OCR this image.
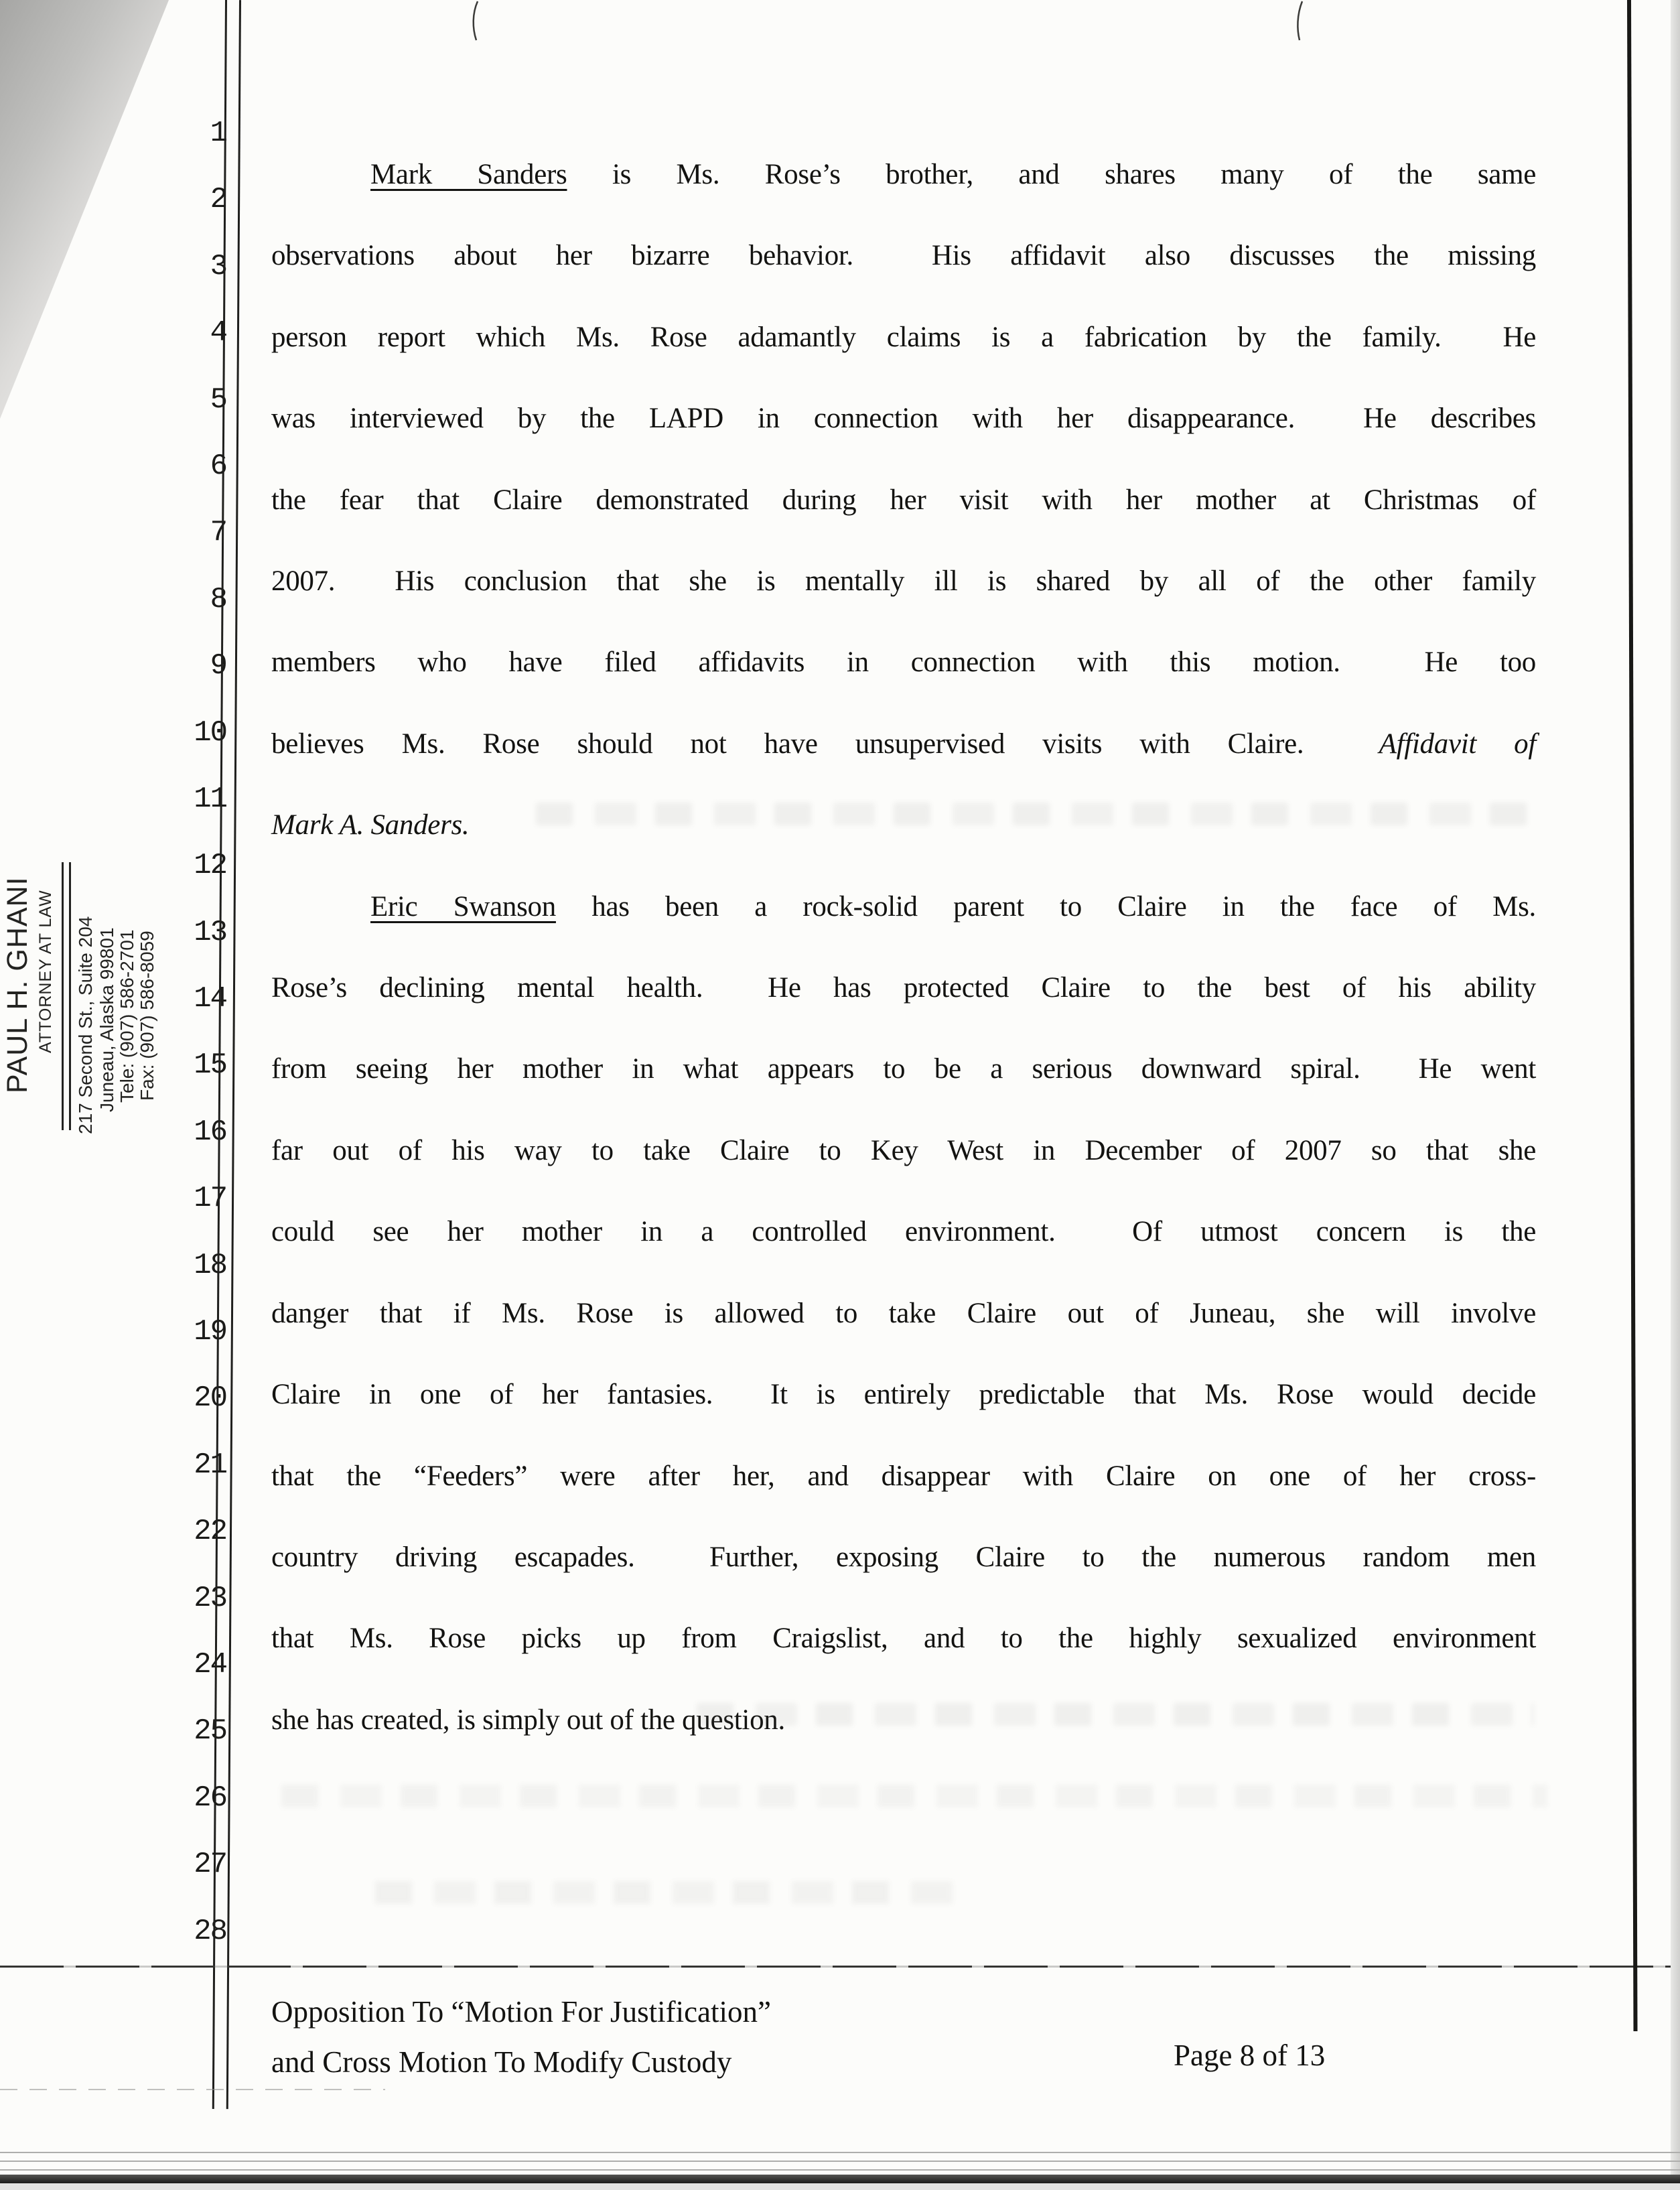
PAUL H. GHANI ATTORNEY AT LAW 217 Second St., Suite 204 Juneau, Alaska 99801 Tele: (907) 586-2701 Fax: (907) 586-8059
1
2
3
4
5
6
7
8
9
10
11
12
13
14
15
16
17
18
19
20
21
22
23
24
25
26
27
28
Mark Sanders is Ms. Rose’s brother, and shares many of the same
observations about her bizarre behavior.  His affidavit also discusses the missing
person report which Ms. Rose adamantly claims is a fabrication by the family.  He
was interviewed by the LAPD in connection with her disappearance.  He describes
the fear that Claire demonstrated during her visit with her mother at Christmas of
2007.  His conclusion that she is mentally ill is shared by all of the other family
members who have filed affidavits in connection with this motion.  He too
believes Ms. Rose should not have unsupervised visits with Claire.  Affidavit of
Mark A. Sanders.
Eric Swanson has been a rock-solid parent to Claire in the face of Ms.
Rose’s declining mental health.  He has protected Claire to the best of his ability
from seeing her mother in what appears to be a serious downward spiral.  He went
far out of his way to take Claire to Key West in December of 2007 so that she
could see her mother in a controlled environment.  Of utmost concern is the
danger that if Ms. Rose is allowed to take Claire out of Juneau, she will involve
Claire in one of her fantasies.  It is entirely predictable that Ms. Rose would decide
that the “Feeders” were after her, and disappear with Claire on one of her cross-
country driving escapades.  Further, exposing Claire to the numerous random men
that Ms. Rose picks up from Craigslist, and to the highly sexualized environment
she has created, is simply out of the question.
Opposition To “Motion For Justification”
and Cross Motion To Modify Custody	Page 8 of 13
